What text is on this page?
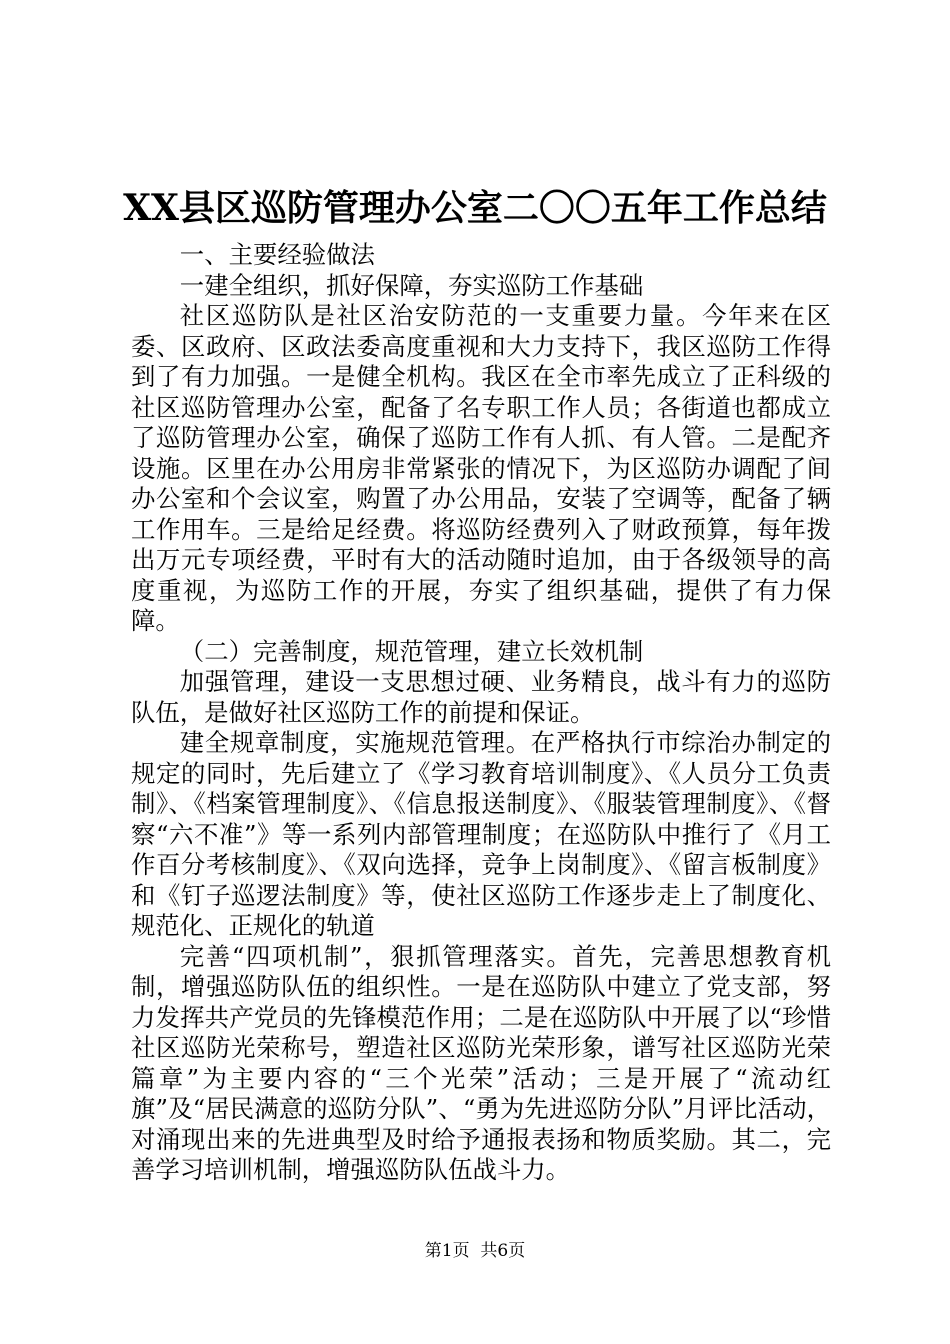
XX县区巡防管理办公室二〇〇五年工作总结

一、主要经验做法

一建全组织，抓好保障，夯实巡防工作基础

社区巡防队是社区治安防范的一支重要力量。今年来在区委、区政府、区政法委高度重视和大力支持下，我区巡防工作得到了有力加强。一是健全机构。我区在全市率先成立了正科级的社区巡防管理办公室，配备了名专职工作人员；各街道也都成立了巡防管理办公室，确保了巡防工作有人抓、有人管。二是配齐设施。区里在办公用房非常紧张的情况下，为区巡防办调配了间办公室和个会议室，购置了办公用品，安装了空调等，配备了辆工作用车。三是给足经费。将巡防经费列入了财政预算，每年拨出万元专项经费，平时有大的活动随时追加，由于各级领导的高度重视，为巡防工作的开展，夯实了组织基础，提供了有力保障。

（二）完善制度，规范管理，建立长效机制

加强管理，建设一支思想过硬、业务精良，战斗有力的巡防队伍，是做好社区巡防工作的前提和保证。

建全规章制度，实施规范管理。在严格执行市综治办制定的规定的同时，先后建立了《学习教育培训制度》、《人员分工负责制》、《档案管理制度》、《信息报送制度》、《服装管理制度》、《督察“六不准”》等一系列内部管理制度；在巡防队中推行了《月工作百分考核制度》、《双向选择，竞争上岗制度》、《留言板制度》和《钉子巡逻法制度》等，使社区巡防工作逐步走上了制度化、规范化、正规化的轨道

完善“四项机制”，狠抓管理落实。首先，完善思想教育机制，增强巡防队伍的组织性。一是在巡防队中建立了党支部，努力发挥共产党员的先锋模范作用；二是在巡防队中开展了以“珍惜社区巡防光荣称号，塑造社区巡防光荣形象，谱写社区巡防光荣篇章”为主要内容的“三个光荣”活动；三是开展了“流动红旗”及“居民满意的巡防分队”、“勇为先进巡防分队”月评比活动，对涌现出来的先进典型及时给予通报表扬和物质奖励。其二，完善学习培训机制，增强巡防队伍战斗力。

第1页  共6页
